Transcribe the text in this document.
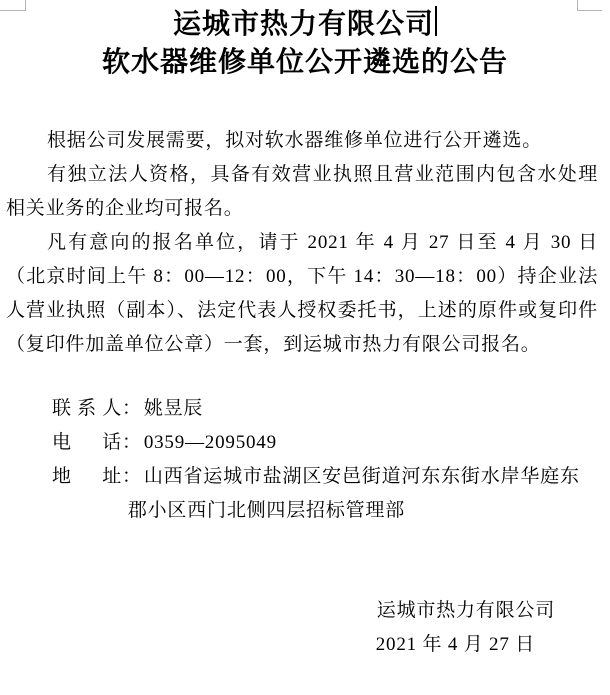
运城市热力有限公司
软水器维修单位公开遴选的公告

根据公司发展需要，拟对软水器维修单位进行公开遴选。

有独立法人资格，具备有效营业执照且营业范围内包含水处理相关业务的企业均可报名。

凡有意向的报名单位，请于 2021 年 4 月 27 日至 4 月 30 日（北京时间上午 8：00—12：00，下午 14：30—18：00）持企业法人营业执照（副本）、法定代表人授权委托书，上述的原件或复印件（复印件加盖单位公章）一套，到运城市热力有限公司报名。

联系人 ： 姚昱辰
电话 ： 0359—2095049
地址 ： 山西省运城市盐湖区安邑街道河东东街水岸华庭东郡小区西门北侧四层招标管理部
运城市热力有限公司
2021 年 4 月 27 日
